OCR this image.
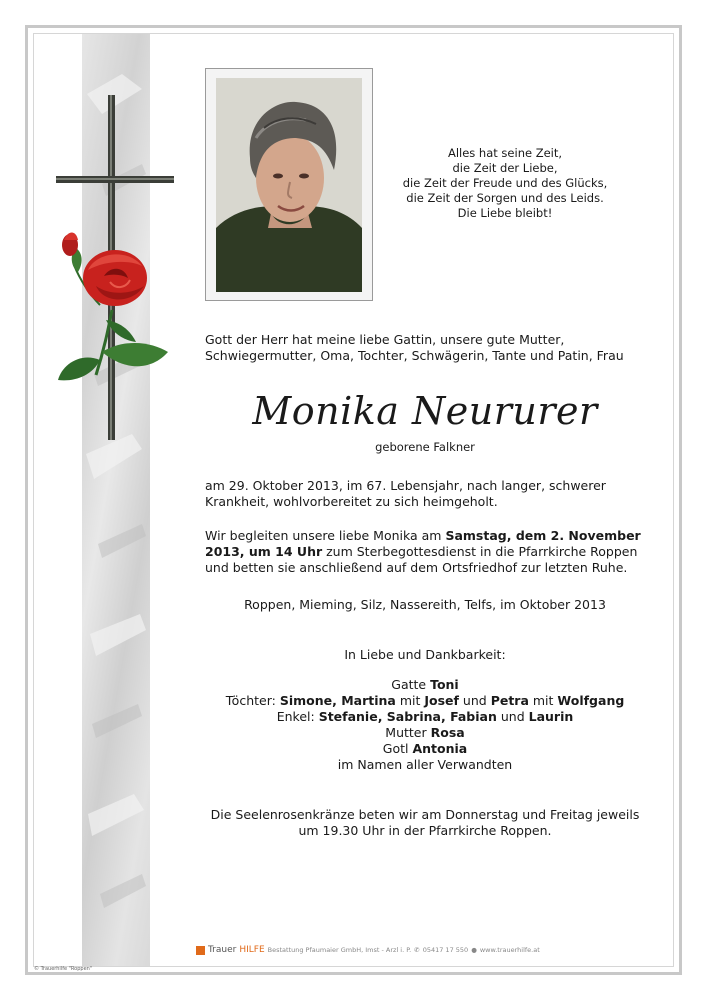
Alles hat seine Zeit,
die Zeit der Liebe,
die Zeit der Freude und des Glücks,
die Zeit der Sorgen und des Leids.
Die Liebe bleibt!
Gott der Herr hat meine liebe Gattin, unsere gute Mutter, Schwiegermutter, Oma, Tochter, Schwägerin, Tante und Patin, Frau
Monika Neururer
geborene Falkner
am 29. Oktober 2013, im 67. Lebensjahr, nach langer, schwerer Krankheit, wohlvorbereitet zu sich heimgeholt.
Wir begleiten unsere liebe Monika am Samstag, dem 2. November 2013, um 14 Uhr zum Sterbegottesdienst in die Pfarrkirche Roppen und betten sie anschließend auf dem Ortsfriedhof zur letzten Ruhe.
Roppen, Mieming, Silz, Nassereith, Telfs, im Oktober 2013
In Liebe und Dankbarkeit:
Gatte Toni
Töchter: Simone, Martina mit Josef und Petra mit Wolfgang
Enkel: Stefanie, Sabrina, Fabian und Laurin
Mutter Rosa
Gotl Antonia
im Namen aller Verwandten
Die Seelenrosenkränze beten wir am Donnerstag und Freitag jeweils um 19.30 Uhr in der Pfarrkirche Roppen.
Trauer HILFE Bestattung Pfaumaier GmbH, Imst - Arzl i. P. ✆ 05417 17 550 ● www.trauerhilfe.at
© Trauerhilfe "Roppen"
